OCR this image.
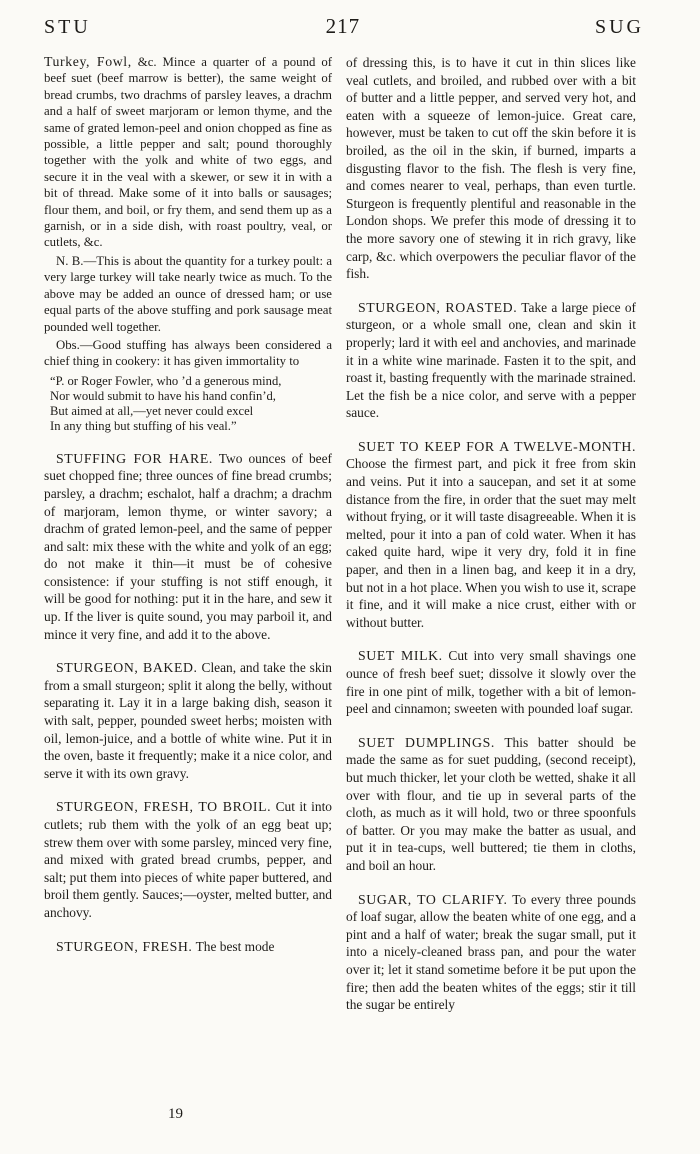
STU	217	SUG

Turkey, Fowl, &c. Mince a quarter of a pound of beef suet (beef marrow is better), the same weight of bread crumbs, two drachms of parsley leaves, a drachm and a half of sweet marjoram or lemon thyme, and the same of grated lemon-peel and onion chopped as fine as possible, a little pepper and salt; pound thoroughly together with the yolk and white of two eggs, and secure it in the veal with a skewer, or sew it in with a bit of thread. Make some of it into balls or sausages; flour them, and boil, or fry them, and send them up as a garnish, or in a side dish, with roast poultry, veal, or cutlets, &c.

N. B.—This is about the quantity for a turkey poult: a very large turkey will take nearly twice as much. To the above may be added an ounce of dressed ham; or use equal parts of the above stuffing and pork sausage meat pounded well together.

Obs.—Good stuffing has always been considered a chief thing in cookery: it has given immortality to

“P. or Roger Fowler, who ’d a generous mind,
Nor would submit to have his hand confin’d,
But aimed at all,—yet never could excel
In any thing but stuffing of his veal.”

STUFFING FOR HARE. Two ounces of beef suet chopped fine; three ounces of fine bread crumbs; parsley, a drachm; eschalot, half a drachm; a drachm of marjoram, lemon thyme, or winter savory; a drachm of grated lemon-peel, and the same of pepper and salt: mix these with the white and yolk of an egg; do not make it thin—it must be of cohesive consistence: if your stuffing is not stiff enough, it will be good for nothing: put it in the hare, and sew it up. If the liver is quite sound, you may parboil it, and mince it very fine, and add it to the above.

STURGEON, BAKED. Clean, and take the skin from a small sturgeon; split it along the belly, without separating it. Lay it in a large baking dish, season it with salt, pepper, pounded sweet herbs; moisten with oil, lemon-juice, and a bottle of white wine. Put it in the oven, baste it frequently; make it a nice color, and serve it with its own gravy.

STURGEON, FRESH, TO BROIL. Cut it into cutlets; rub them with the yolk of an egg beat up; strew them over with some parsley, minced very fine, and mixed with grated bread crumbs, pepper, and salt; put them into pieces of white paper buttered, and broil them gently. Sauces;—oyster, melted butter, and anchovy.

STURGEON, FRESH. The best mode

19

of dressing this, is to have it cut in thin slices like veal cutlets, and broiled, and rubbed over with a bit of butter and a little pepper, and served very hot, and eaten with a squeeze of lemon-juice. Great care, however, must be taken to cut off the skin before it is broiled, as the oil in the skin, if burned, imparts a disgusting flavor to the fish. The flesh is very fine, and comes nearer to veal, perhaps, than even turtle. Sturgeon is frequently plentiful and reasonable in the London shops. We prefer this mode of dressing it to the more savory one of stewing it in rich gravy, like carp, &c. which overpowers the peculiar flavor of the fish.

STURGEON, ROASTED. Take a large piece of sturgeon, or a whole small one, clean and skin it properly; lard it with eel and anchovies, and marinade it in a white wine marinade. Fasten it to the spit, and roast it, basting frequently with the marinade strained. Let the fish be a nice color, and serve with a pepper sauce.

SUET TO KEEP FOR A TWELVE-MONTH. Choose the firmest part, and pick it free from skin and veins. Put it into a saucepan, and set it at some distance from the fire, in order that the suet may melt without frying, or it will taste disagreeable. When it is melted, pour it into a pan of cold water. When it has caked quite hard, wipe it very dry, fold it in fine paper, and then in a linen bag, and keep it in a dry, but not in a hot place. When you wish to use it, scrape it fine, and it will make a nice crust, either with or without butter.

SUET MILK. Cut into very small shavings one ounce of fresh beef suet; dissolve it slowly over the fire in one pint of milk, together with a bit of lemon-peel and cinnamon; sweeten with pounded loaf sugar.

SUET DUMPLINGS. This batter should be made the same as for suet pudding, (second receipt), but much thicker, let your cloth be wetted, shake it all over with flour, and tie up in several parts of the cloth, as much as it will hold, two or three spoonfuls of batter. Or you may make the batter as usual, and put it in tea-cups, well buttered; tie them in cloths, and boil an hour.

SUGAR, TO CLARIFY. To every three pounds of loaf sugar, allow the beaten white of one egg, and a pint and a half of water; break the sugar small, put it into a nicely-cleaned brass pan, and pour the water over it; let it stand sometime before it be put upon the fire; then add the beaten whites of the eggs; stir it till the sugar be entirely
